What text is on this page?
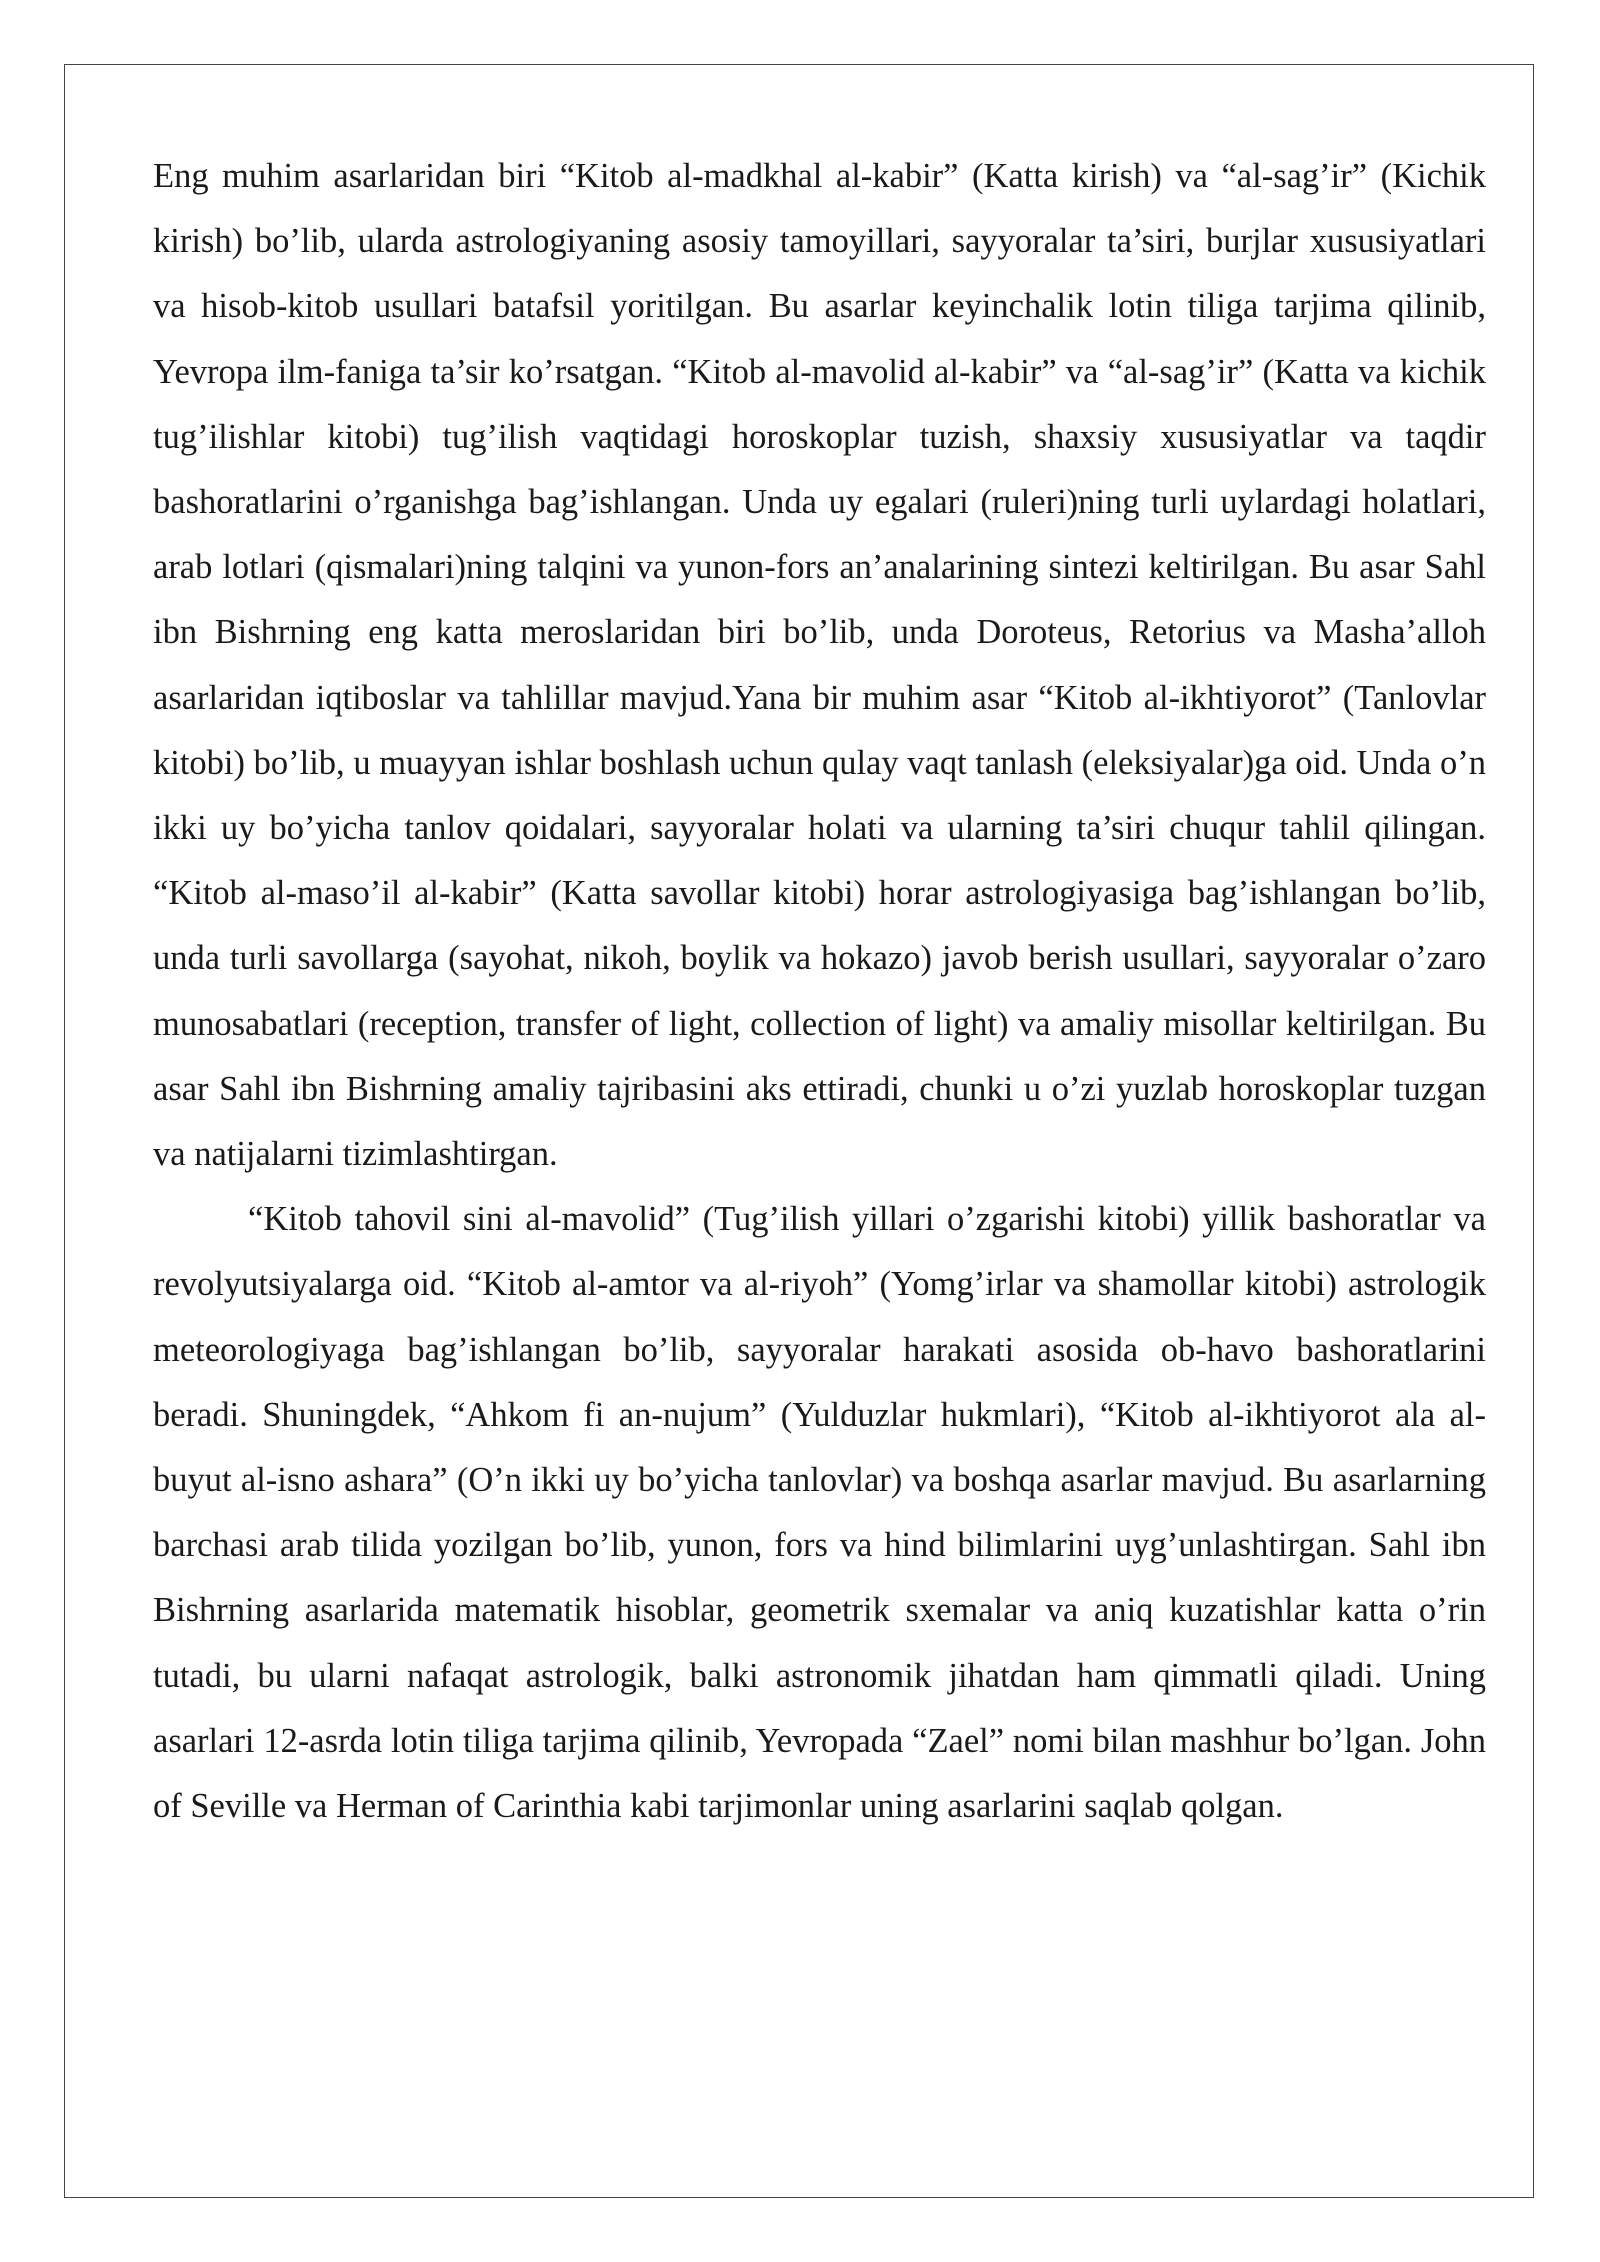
Eng muhim asarlaridan biri “Kitob al-madkhal al-kabir” (Katta kirish) va “al-sag’ir” (Kichik kirish) bo’lib, ularda astrologiyaning asosiy tamoyillari, sayyoralar ta’siri, burjlar xususiyatlari va hisob-kitob usullari batafsil yoritilgan. Bu asarlar keyinchalik lotin tiliga tarjima qilinib, Yevropa ilm-faniga ta’sir ko’rsatgan. “Kitob al-mavolid al-kabir” va “al-sag’ir” (Katta va kichik tug’ilishlar kitobi) tug’ilish vaqtidagi horoskoplar tuzish, shaxsiy xususiyatlar va taqdir bashoratlarini o’rganishga bag’ishlangan. Unda uy egalari (ruleri)ning turli uylardagi holatlari, arab lotlari (qismalari)ning talqini va yunon-fors an’analarining sintezi keltirilgan. Bu asar Sahl ibn Bishrning eng katta meroslaridan biri bo’lib, unda Doroteus, Retorius va Masha’alloh asarlaridan iqtiboslar va tahlillar mavjud.Yana bir muhim asar “Kitob al-ikhtiyorot” (Tanlovlar kitobi) bo’lib, u muayyan ishlar boshlash uchun qulay vaqt tanlash (eleksiyalar)ga oid. Unda o’n ikki uy bo’yicha tanlov qoidalari, sayyoralar holati va ularning ta’siri chuqur tahlil qilingan. “Kitob al-maso’il al-kabir” (Katta savollar kitobi) horar astrologiyasiga bag’ishlangan bo’lib, unda turli savollarga (sayohat, nikoh, boylik va hokazo) javob berish usullari, sayyoralar o’zaro munosabatlari (reception, transfer of light, collection of light) va amaliy misollar keltirilgan. Bu asar Sahl ibn Bishrning amaliy tajribasini aks ettiradi, chunki u o’zi yuzlab horoskoplar tuzgan va natijalarni tizimlashtirgan.

“Kitob tahovil sini al-mavolid” (Tug’ilish yillari o’zgarishi kitobi) yillik bashoratlar va revolyutsiyalarga oid. “Kitob al-amtor va al-riyoh” (Yomg’irlar va shamollar kitobi) astrologik meteorologiyaga bag’ishlangan bo’lib, sayyoralar harakati asosida ob-havo bashoratlarini beradi. Shuningdek, “Ahkom fi an-nujum” (Yulduzlar hukmlari), “Kitob al-ikhtiyorot ala al-buyut al-isno ashara” (O’n ikki uy bo’yicha tanlovlar) va boshqa asarlar mavjud. Bu asarlarning barchasi arab tilida yozilgan bo’lib, yunon, fors va hind bilimlarini uyg’unlashtirgan. Sahl ibn Bishrning asarlarida matematik hisoblar, geometrik sxemalar va aniq kuzatishlar katta o’rin tutadi, bu ularni nafaqat astrologik, balki astronomik jihatdan ham qimmatli qiladi. Uning asarlari 12-asrda lotin tiliga tarjima qilinib, Yevropada “Zael” nomi bilan mashhur bo’lgan. John of Seville va Herman of Carinthia kabi tarjimonlar uning asarlarini saqlab qolgan.
